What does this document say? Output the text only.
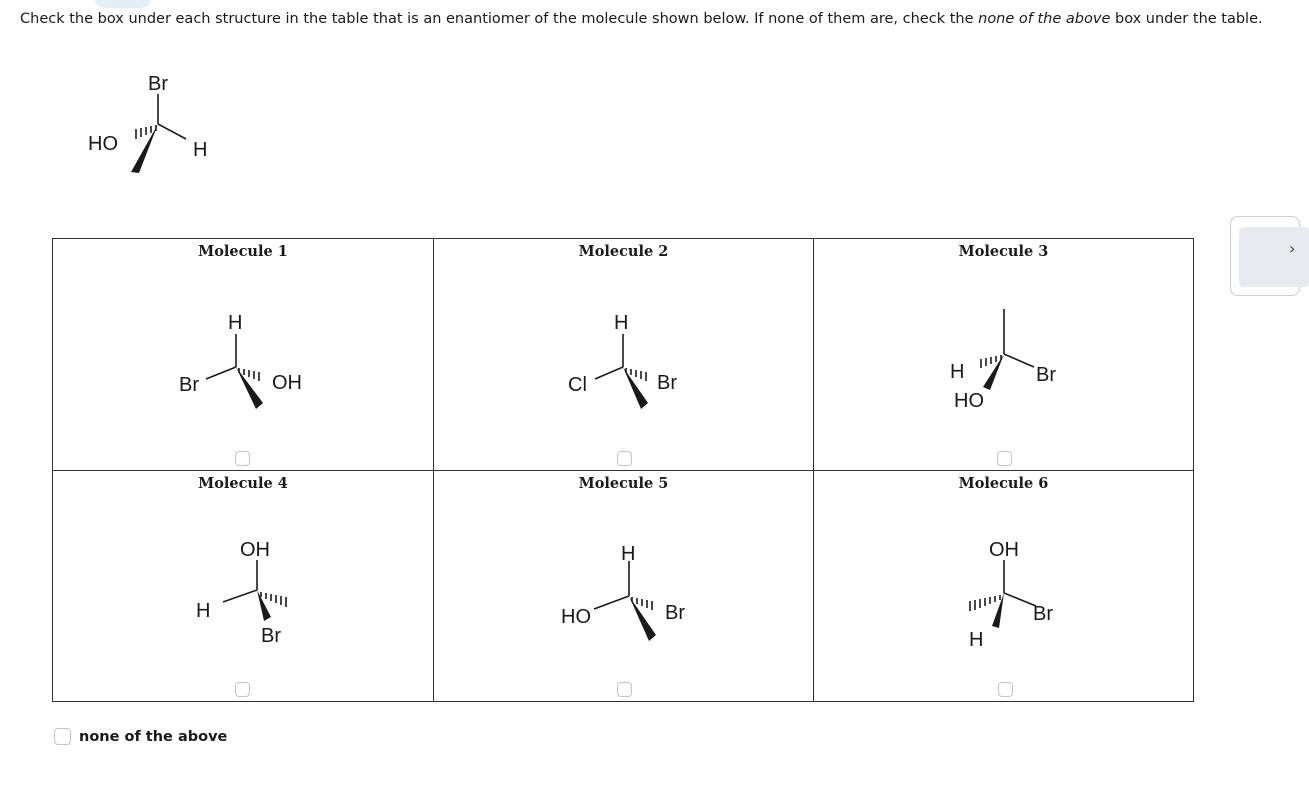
Check the box under each structure in the table that is an enantiomer of the molecule shown below. If none of them are, check the none of the above box under the table.
Br
HO	H
H
Br	OH
Molecule 1
H
Cl	Br
Molecule 2
H
HO
Br
Molecule 3
OH
H
Br
Molecule 4
H
HO	Br
Molecule 5
OH
H
Br
Molecule 6
none of the above
›
